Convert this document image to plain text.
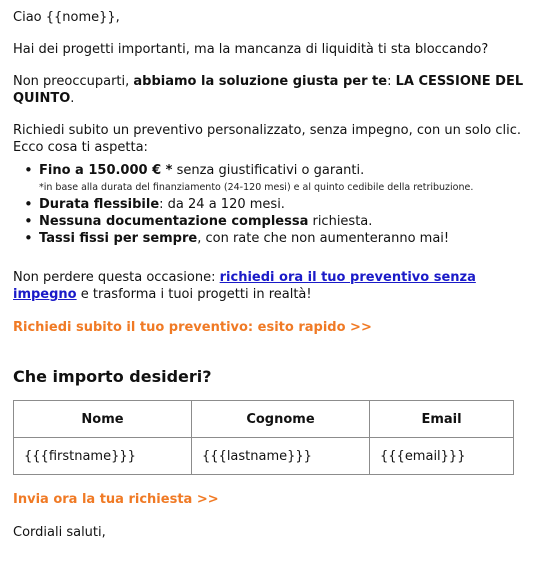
Ciao {{nome}},

Hai dei progetti importanti, ma la mancanza di liquidità ti sta bloccando?

Non preoccuparti, abbiamo la soluzione giusta per te: LA CESSIONE DEL QUINTO.

Richiedi subito un preventivo personalizzato, senza impegno, con un solo clic. Ecco cosa ti aspetta:

• Fino a 150.000 € * senza giustificativi o garanti.
*in base alla durata del finanziamento (24-120 mesi) e al quinto cedibile della retribuzione.
• Durata flessibile: da 24 a 120 mesi.
• Nessuna documentazione complessa richiesta.
• Tassi fissi per sempre, con rate che non aumenteranno mai!

Non perdere questa occasione: richiedi ora il tuo preventivo senza impegno e trasforma i tuoi progetti in realtà!

Richiedi subito il tuo preventivo: esito rapido >>
Che importo desideri?
Nome	Cognome	Email
{{{firstname}}}	{{{lastname}}}	{{{email}}}
Invia ora la tua richiesta >>

Cordiali saluti,
